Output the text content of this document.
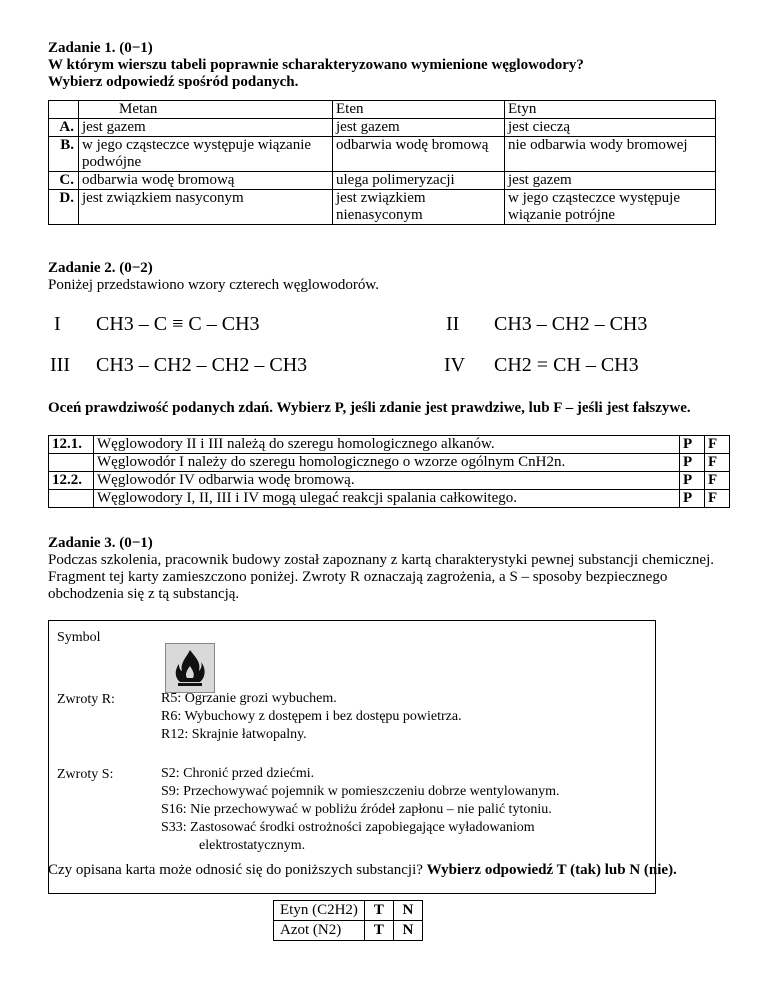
Zadanie 1. (0−1)

W którym wierszu tabeli poprawnie scharakteryzowano wymienione węglowodory?

Wybierz odpowiedź spośród podanych.

	Metan	Eten	Etyn
A.	jest gazem	jest gazem	jest cieczą
B.	w jego cząsteczce występuje wiązanie podwójne	odbarwia wodę bromową	nie odbarwia wody bromowej
C.	odbarwia wodę bromową	ulega polimeryzacji	jest gazem
D.	jest związkiem nasyconym	jest związkiem nienasyconym	w jego cząsteczce występuje wiązanie potrójne

Zadanie 2. (0−2)

Poniżej przedstawiono wzory czterech węglowodorów.

I CH3 – C ≡ C – CH3	II CH3 – CH2 – CH3
III CH3 – CH2 – CH2 – CH3	IV CH2 = CH – CH3

Oceń prawdziwość podanych zdań. Wybierz P, jeśli zdanie jest prawdziwe, lub F – jeśli jest fałszywe.

12.1.	Węglowodory II i III należą do szeregu homologicznego alkanów.	P	F
	Węglowodór I należy do szeregu homologicznego o wzorze ogólnym CnH2n.	P	F
12.2.	Węglowodór IV odbarwia wodę bromową.	P	F
	Węglowodory I, II, III i IV mogą ulegać reakcji spalania całkowitego.	P	F

Zadanie 3. (0−1)

Podczas szkolenia, pracownik budowy został zapoznany z kartą charakterystyki pewnej substancji chemicznej. Fragment tej karty zamieszczono poniżej. Zwroty R oznaczają zagrożenia, a S – sposoby bezpiecznego obchodzenia się z tą substancją.

Symbol
Zwroty R:	R5: Ogrzanie grozi wybuchem.
R6: Wybuchowy z dostępem i bez dostępu powietrza.
R12: Skrajnie łatwopalny.
Zwroty S:	S2: Chronić przed dziećmi.
S9: Przechowywać pojemnik w pomieszczeniu dobrze wentylowanym.
S16: Nie przechowywać w pobliżu źródeł zapłonu – nie palić tytoniu.
S33: Zastosować środki ostrożności zapobiegające wyładowaniom
elektrostatycznym.

Czy opisana karta może odnosić się do poniższych substancji? Wybierz odpowiedź T (tak) lub N (nie).

Etyn (C2H2)	T	N
Azot (N2)	T	N
